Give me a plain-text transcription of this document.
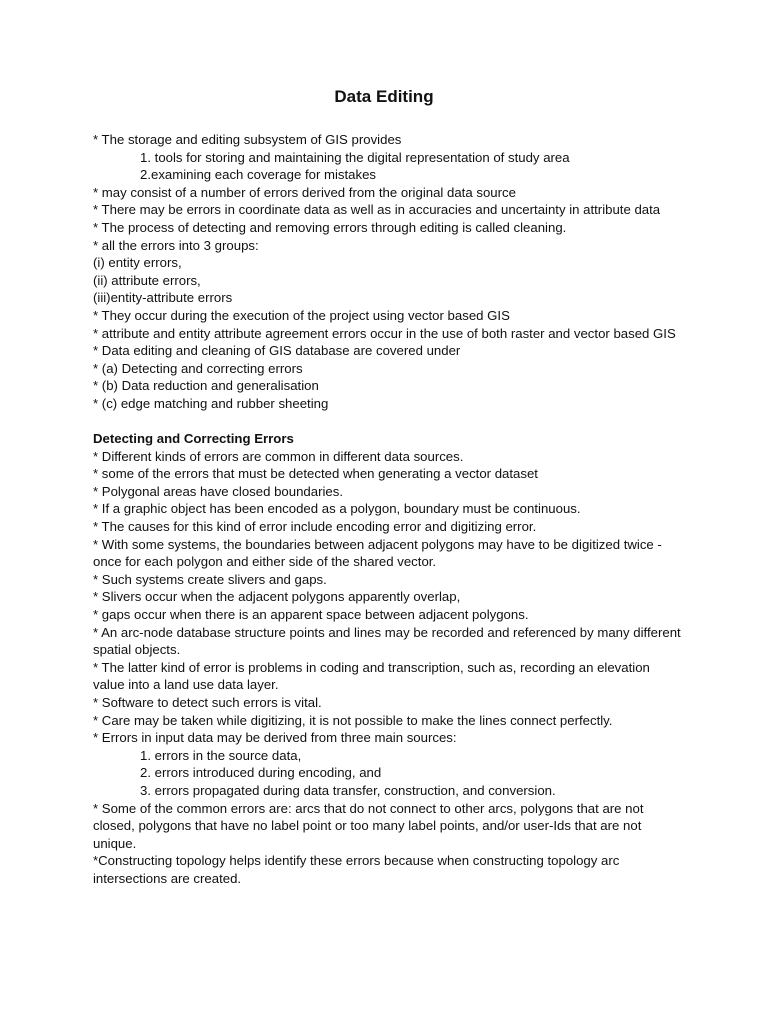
Data Editing
* The storage and editing subsystem of GIS provides
1. tools for storing and maintaining the digital representation of study area
2.examining each coverage for mistakes
* may consist of a number of errors derived from the original data source
* There may be errors in coordinate data as well as in accuracies and uncertainty in attribute data
* The process of detecting and removing errors through editing is called cleaning.
* all the errors into 3 groups:
(i) entity errors,
(ii) attribute errors,
(iii)entity-attribute errors
* They occur during the execution of the project using vector based GIS
* attribute and entity attribute agreement errors occur in the use of both raster and vector based GIS
* Data editing and cleaning of GIS database are covered under
* (a) Detecting and correcting errors
* (b) Data reduction and generalisation
* (c) edge matching and rubber sheeting
Detecting and Correcting Errors
* Different kinds of errors are common in different data sources.
* some of the errors that must be detected when generating a vector dataset
* Polygonal areas have closed boundaries.
* If a graphic object has been encoded as a polygon, boundary must be continuous.
* The causes for this kind of error include encoding error and digitizing error.
* With some systems, the boundaries between adjacent polygons may have to be digitized twice - once for each polygon and either side of the shared vector.
* Such systems create slivers and gaps.
* Slivers occur when the adjacent polygons apparently overlap,
* gaps occur when there is an apparent space between adjacent polygons.
* An arc-node database structure points and lines may be recorded and referenced by many different spatial objects.
* The latter kind of error is problems in coding and transcription, such as, recording an elevation value into a land use data layer.
* Software to detect such errors is vital.
* Care may be taken while digitizing, it is not possible to make the lines connect perfectly.
* Errors in input data may be derived from three main sources:
1. errors in the source data,
2. errors introduced during encoding, and
3. errors propagated during data transfer, construction, and conversion.
* Some of the common errors are: arcs that do not connect to other arcs, polygons that are not closed, polygons that have no label point or too many label points, and/or user-Ids that are not unique.
*Constructing topology helps identify these errors because when constructing topology arc intersections are created.
